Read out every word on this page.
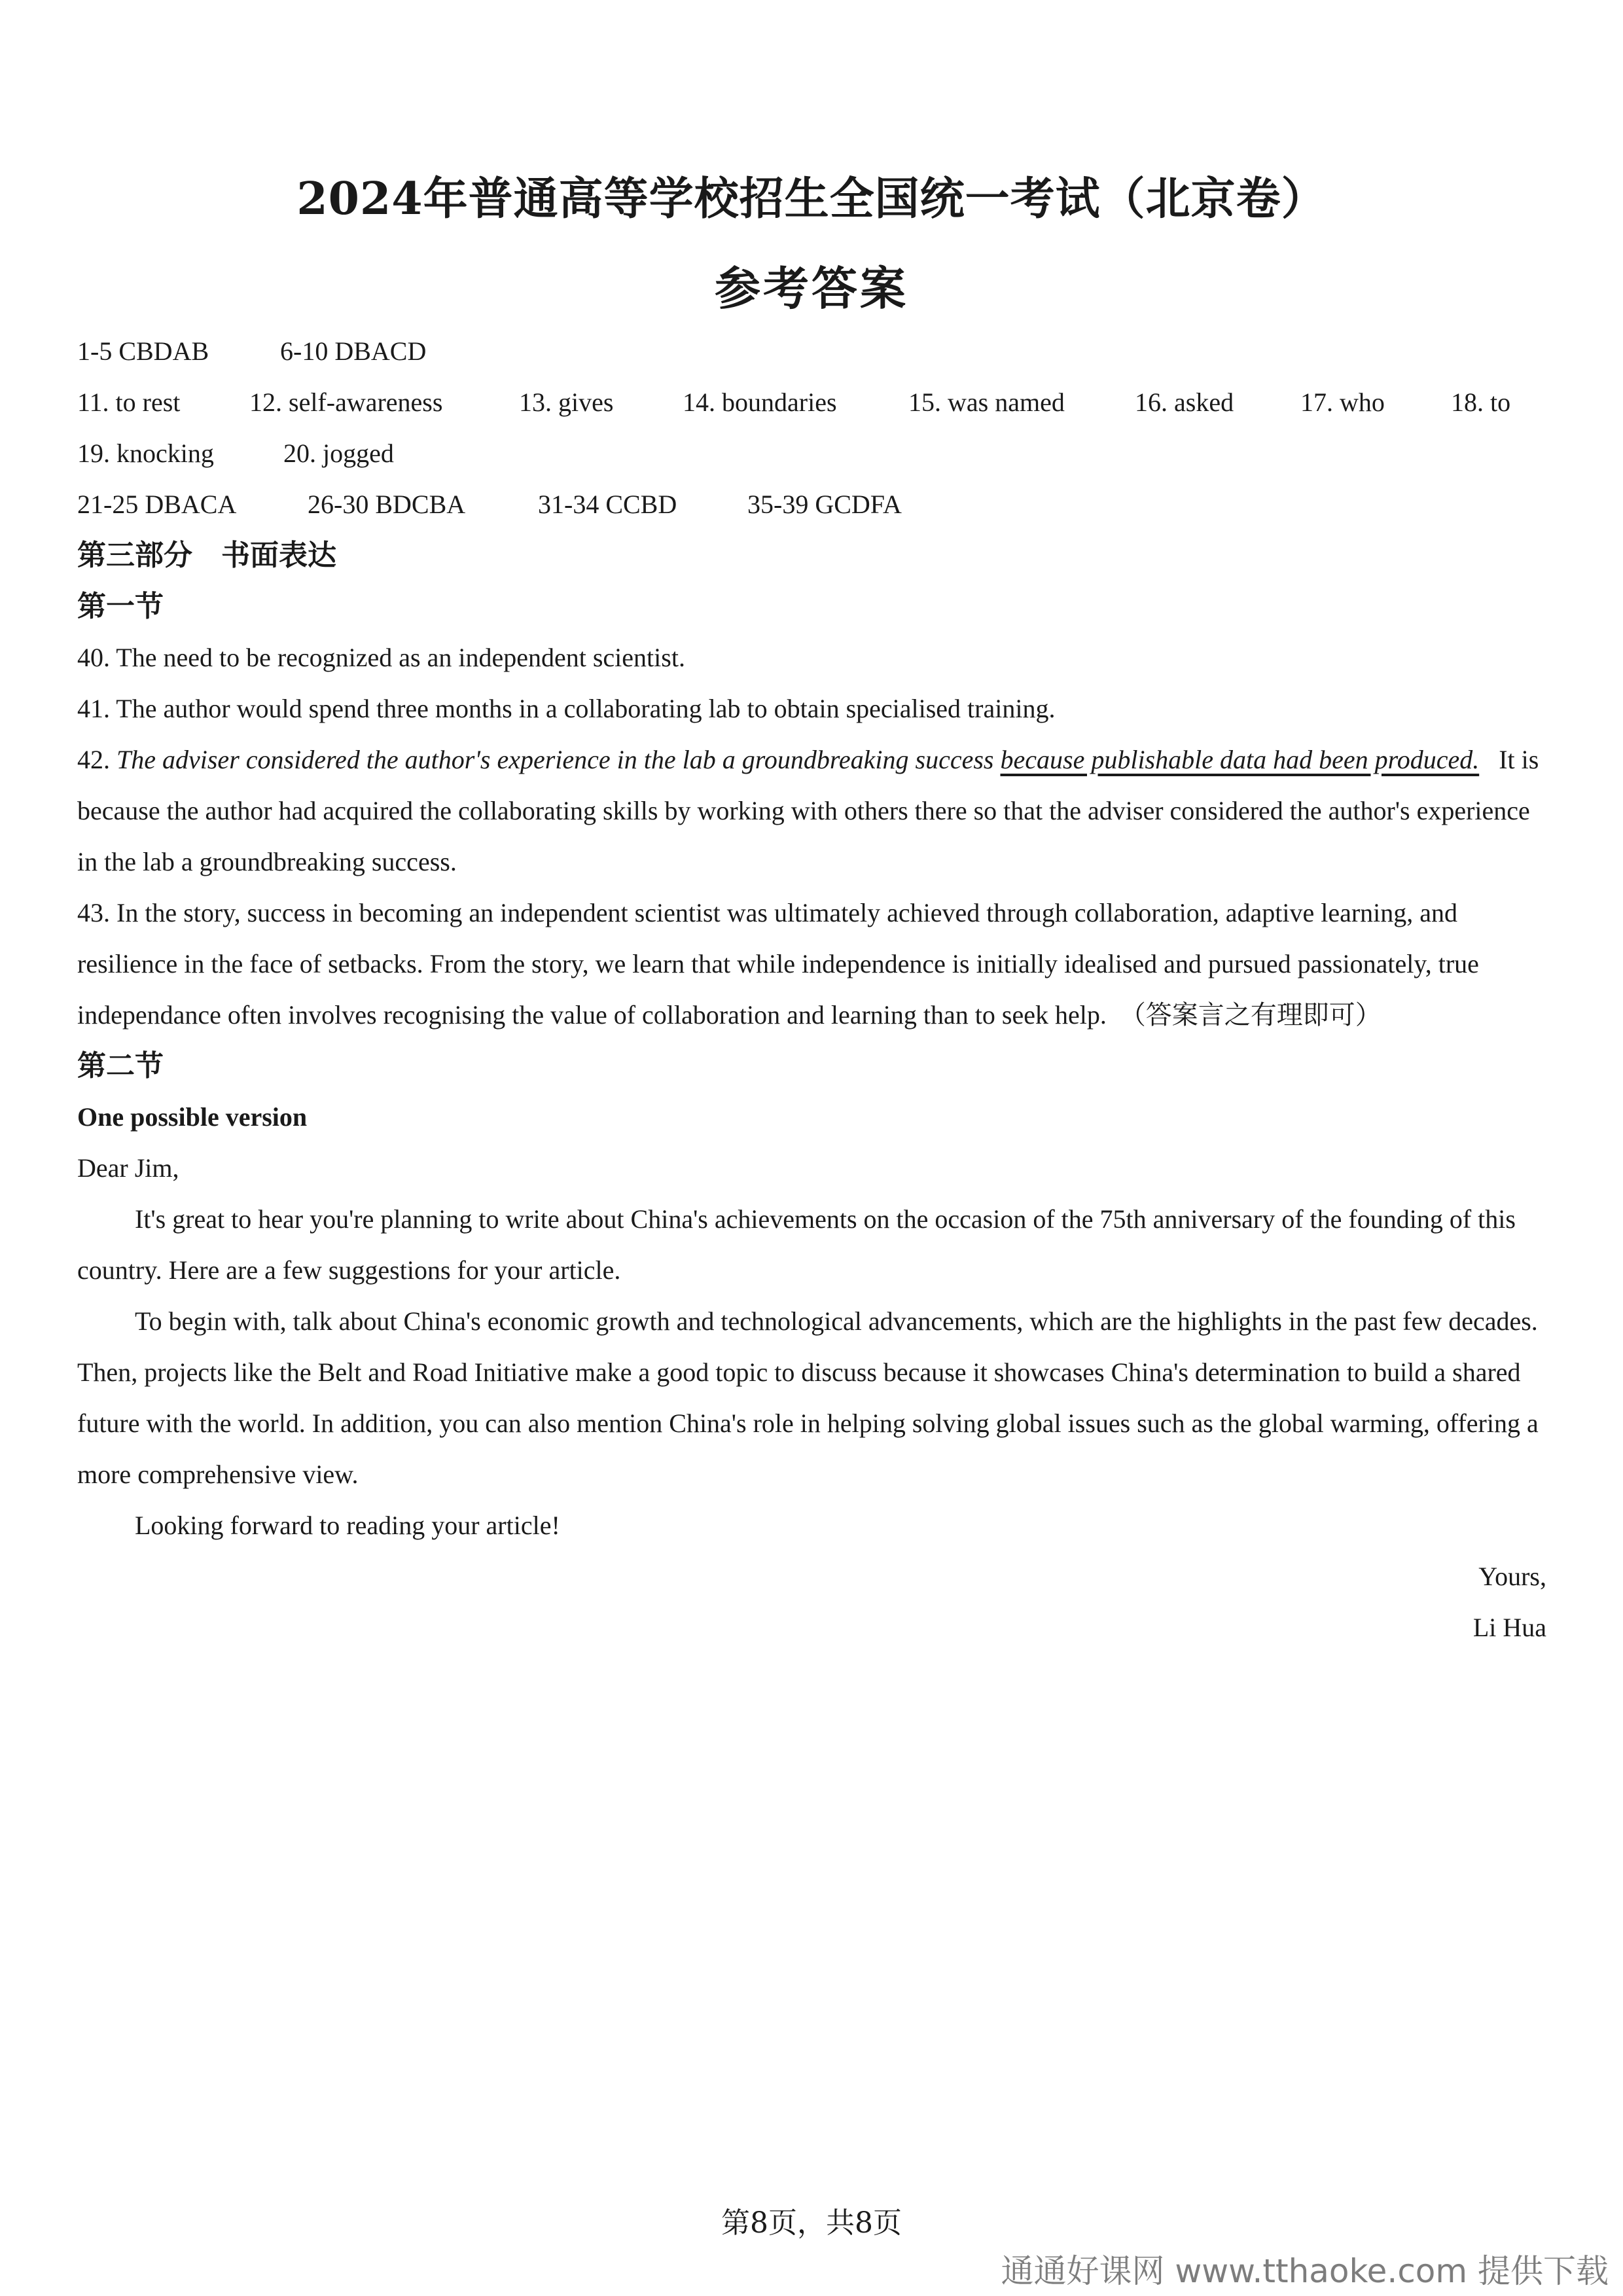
2024年普通高等学校招生全国统一考试（北京卷）
参考答案
1-5 CBDAB	6-10 DBACD
11. to rest	12. self-awareness	13. gives	14. boundaries	15. was named	16. asked	17. who	18. to
19. knocking	20. jogged
21-25 DBACA	26-30 BDCBA	31-34 CCBD	35-39 GCDFA
第三部分　书面表达
第一节

40. The need to be recognized as an independent scientist.

41. The author would spend three months in a collaborating lab to obtain specialised training.

42. The adviser considered the author's experience in the lab a groundbreaking success because publishable data had been produced. It is because the author had acquired the collaborating skills by working with others there so that the adviser considered the author's experience in the lab a groundbreaking success.

43. In the story, success in becoming an independent scientist was ultimately achieved through collaboration, adaptive learning, and resilience in the face of setbacks. From the story, we learn that while independence is initially idealised and pursued passionately, true independance often involves recognising the value of collaboration and learning than to seek help. （答案言之有理即可）

第二节

One possible version

Dear Jim,

It's great to hear you're planning to write about China's achievements on the occasion of the 75th anniversary of the founding of this country. Here are a few suggestions for your article.

To begin with, talk about China's economic growth and technological advancements, which are the highlights in the past few decades. Then, projects like the Belt and Road Initiative make a good topic to discuss because it showcases China's determination to build a shared future with the world. In addition, you can also mention China's role in helping solving global issues such as the global warming, offering a more comprehensive view.

Looking forward to reading your article!

Yours,

Li Hua

第8页，共8页
通通好课网 www.tthaoke.com 提供下载
